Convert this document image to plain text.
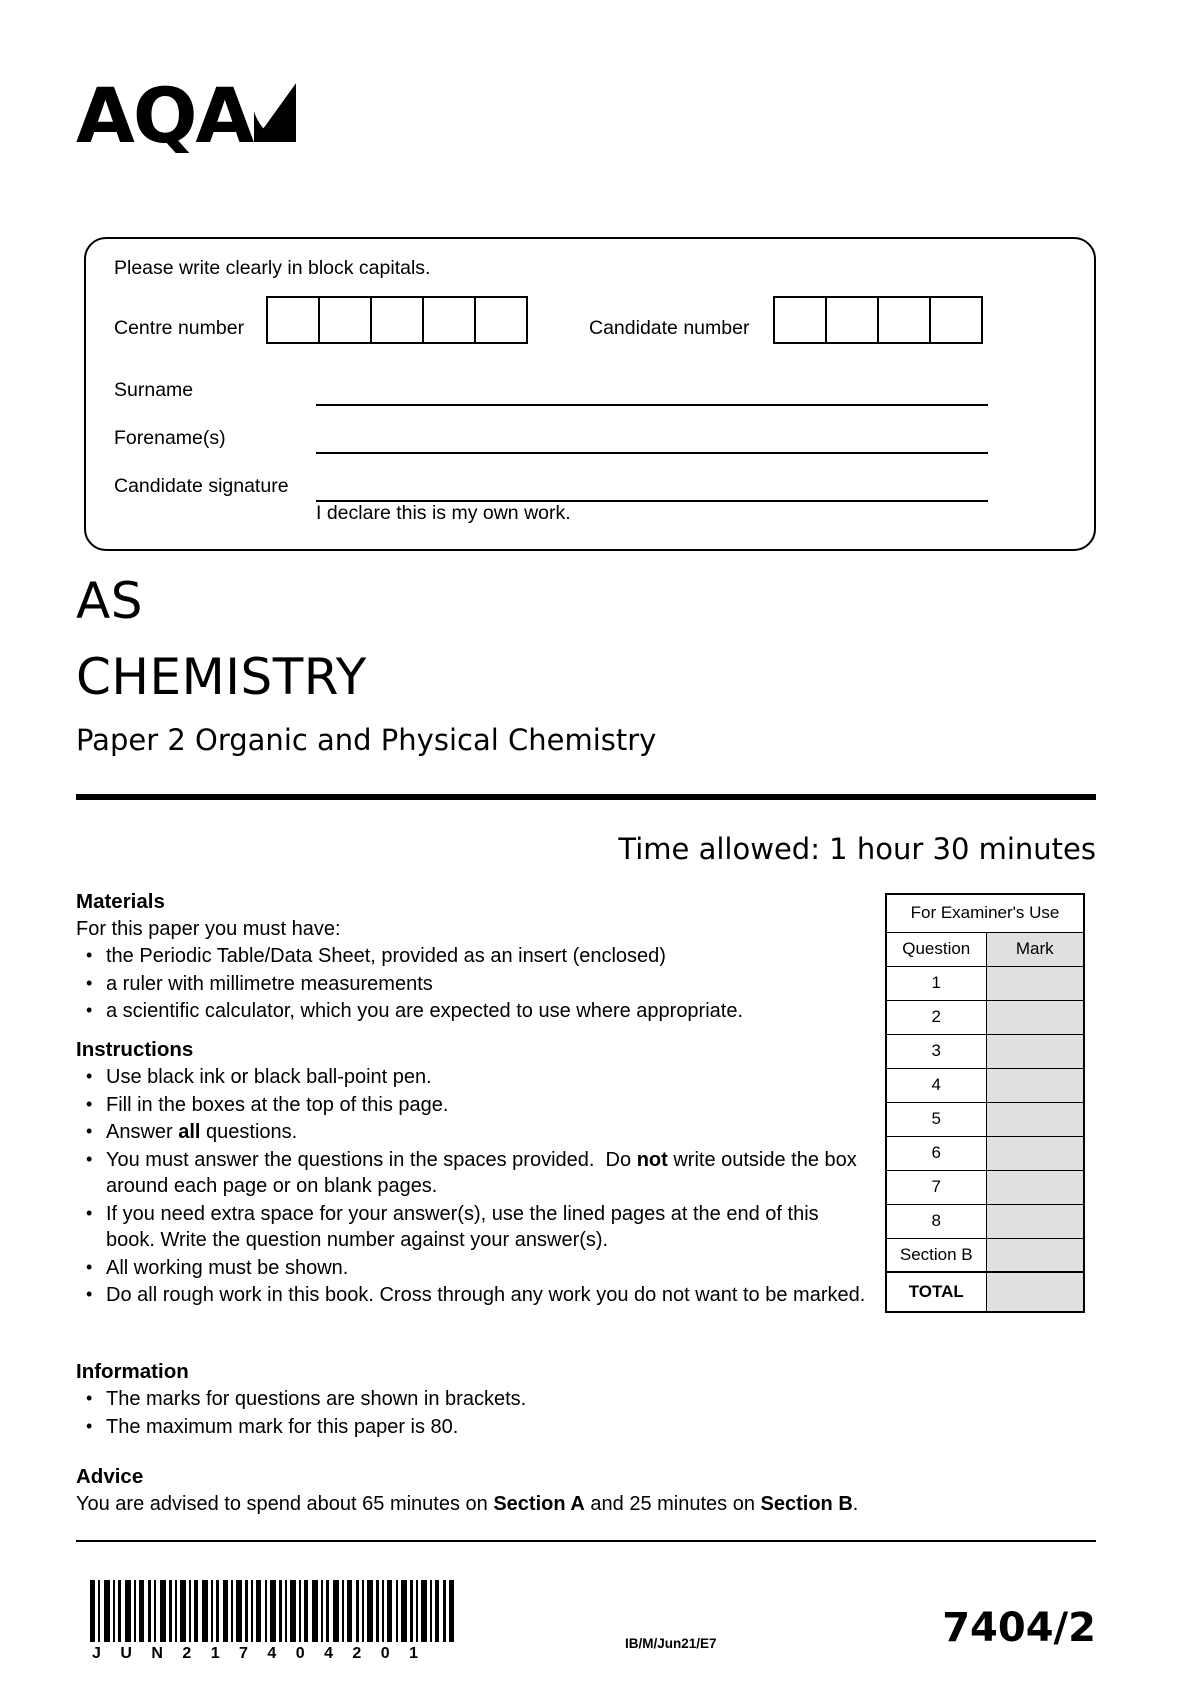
AQA
Please write clearly in block capitals.
Centre number	Candidate number
Surname
Forename(s)
Candidate signature
I declare this is my own work.
AS
CHEMISTRY
Paper 2 Organic and Physical Chemistry
Time allowed: 1 hour 30 minutes
Materials

For this paper you must have:

• the Periodic Table/Data Sheet, provided as an insert (enclosed)
• a ruler with millimetre measurements
• a scientific calculator, which you are expected to use where appropriate.
Instructions
• Use black ink or black ball-point pen.
• Fill in the boxes at the top of this page.
• Answer all questions.
• You must answer the questions in the spaces provided.  Do not write outside the box around each page or on blank pages.
• If you need extra space for your answer(s), use the lined pages at the end of this book. Write the question number against your answer(s).
• All working must be shown.
• Do all rough work in this book. Cross through any work you do not want to be marked.
Information
• The marks for questions are shown in brackets.
• The maximum mark for this paper is 80.
Advice

You are advised to spend about 65 minutes on Section A and 25 minutes on Section B.

For Examiner's Use	
Question	Mark
1	
2	
3	
4	
5	
6	
7	
8	
Section B	
TOTAL	
J U N 2 1 7 4 0 4 2 0 1
IB/M/Jun21/E7	7404/2
